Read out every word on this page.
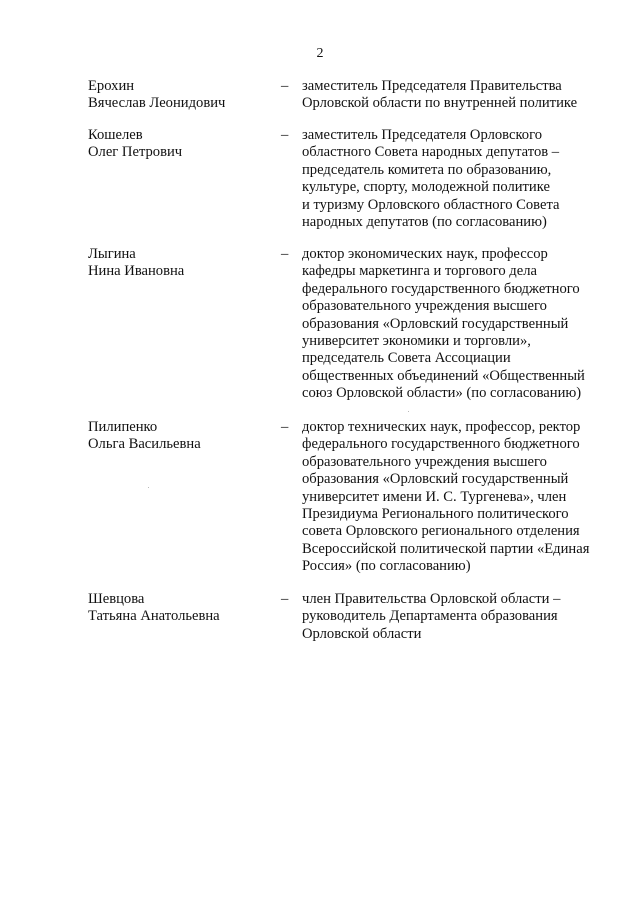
2
Ерохин
Вячеслав Леонидович
– заместитель Председателя Правительства
Орловской области по внутренней политике
Кошелев
Олег Петрович
– заместитель Председателя Орловского
областного Совета народных депутатов –
председатель комитета по образованию,
культуре, спорту, молодежной политике
и туризму Орловского областного Совета
народных депутатов (по согласованию)
Лыгина
Нина Ивановна
– доктор экономических наук, профессор
кафедры маркетинга и торгового дела
федерального государственного бюджетного
образовательного учреждения высшего
образования «Орловский государственный
университет экономики и торговли»,
председатель Совета Ассоциации
общественных объединений «Общественный
союз Орловской области» (по согласованию)
Пилипенко
Ольга Васильевна
– доктор технических наук, профессор, ректор
федерального государственного бюджетного
образовательного учреждения высшего
образования «Орловский государственный
университет имени И. С. Тургенева», член
Президиума Регионального политического
совета Орловского регионального отделения
Всероссийской политической партии «Единая
Россия» (по согласованию)
Шевцова
Татьяна Анатольевна
– член Правительства Орловской области –
руководитель Департамента образования
Орловской области
